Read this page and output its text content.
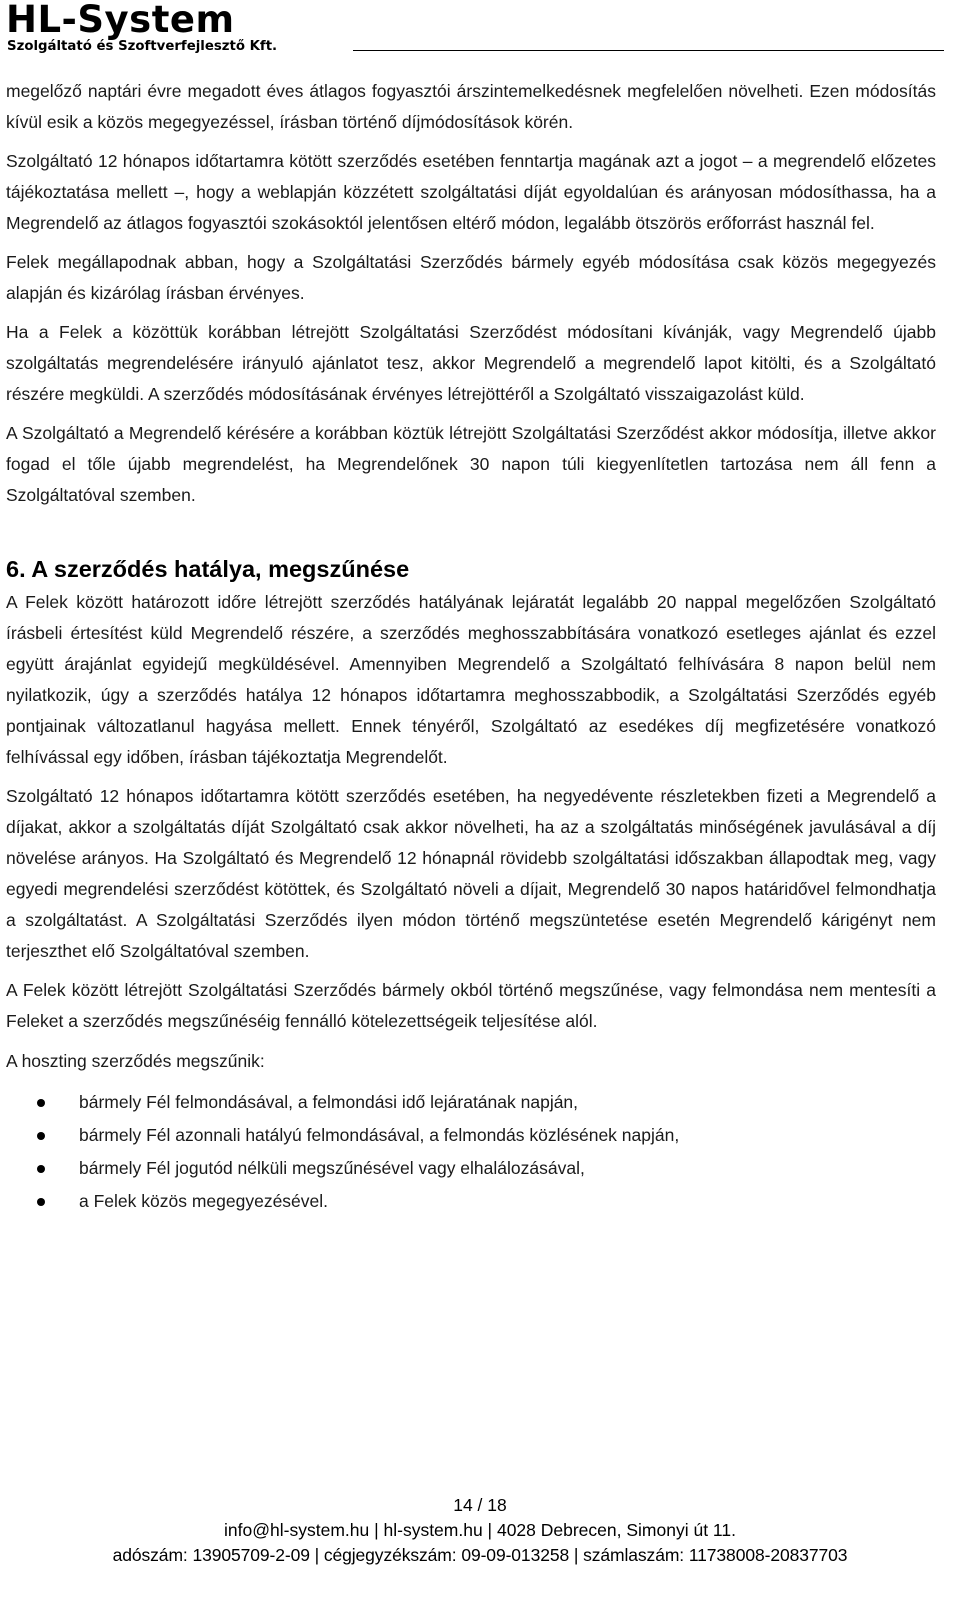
HL-System
Szolgáltató és Szoftverfejlesztő Kft.

megelőző naptári évre megadott éves átlagos fogyasztói árszintemelkedésnek megfelelően növelheti. Ezen módosítás kívül esik a közös megegyezéssel, írásban történő díjmódosítások körén.

Szolgáltató 12 hónapos időtartamra kötött szerződés esetében fenntartja magának azt a jogot – a megrendelő előzetes tájékoztatása mellett –, hogy a weblapján közzétett szolgáltatási díját egyoldalúan és arányosan módosíthassa, ha a Megrendelő az átlagos fogyasztói szokásoktól jelentősen eltérő módon, legalább ötszörös erőforrást használ fel.

Felek megállapodnak abban, hogy a Szolgáltatási Szerződés bármely egyéb módosítása csak közös megegyezés alapján és kizárólag írásban érvényes.

Ha a Felek a közöttük korábban létrejött Szolgáltatási Szerződést módosítani kívánják, vagy Megrendelő újabb szolgáltatás megrendelésére irányuló ajánlatot tesz, akkor Megrendelő a megrendelő lapot kitölti, és a Szolgáltató részére megküldi. A szerződés módosításának érvényes létrejöttéről a Szolgáltató visszaigazolást küld.

A Szolgáltató a Megrendelő kérésére a korábban köztük létrejött Szolgáltatási Szerződést akkor módosítja, illetve akkor fogad el tőle újabb megrendelést, ha Megrendelőnek 30 napon túli kiegyenlítetlen tartozása nem áll fenn a Szolgáltatóval szemben.

6. A szerződés hatálya, megszűnése

A Felek között határozott időre létrejött szerződés hatályának lejáratát legalább 20 nappal megelőzően Szolgáltató írásbeli értesítést küld Megrendelő részére, a szerződés meghosszabbítására vonatkozó esetleges ajánlat és ezzel együtt árajánlat egyidejű megküldésével. Amennyiben Megrendelő a Szolgáltató felhívására 8 napon belül nem nyilatkozik, úgy a szerződés hatálya 12 hónapos időtartamra meghosszabbodik, a Szolgáltatási Szerződés egyéb pontjainak változatlanul hagyása mellett. Ennek tényéről, Szolgáltató az esedékes díj megfizetésére vonatkozó felhívással egy időben, írásban tájékoztatja Megrendelőt.

Szolgáltató 12 hónapos időtartamra kötött szerződés esetében, ha negyedévente részletekben fizeti a Megrendelő a díjakat, akkor a szolgáltatás díját Szolgáltató csak akkor növelheti, ha az a szolgáltatás minőségének javulásával a díj növelése arányos. Ha Szolgáltató és Megrendelő 12 hónapnál rövidebb szolgáltatási időszakban állapodtak meg, vagy egyedi megrendelési szerződést kötöttek, és Szolgáltató növeli a díjait, Megrendelő 30 napos határidővel felmondhatja a szolgáltatást. A Szolgáltatási Szerződés ilyen módon történő megszüntetése esetén Megrendelő kárigényt nem terjeszthet elő Szolgáltatóval szemben.

A Felek között létrejött Szolgáltatási Szerződés bármely okból történő megszűnése, vagy felmondása nem mentesíti a Feleket a szerződés megszűnéséig fennálló kötelezettségeik teljesítése alól.

A hoszting szerződés megszűnik:

bármely Fél felmondásával, a felmondási idő lejáratának napján,
bármely Fél azonnali hatályú felmondásával, a felmondás közlésének napján,
bármely Fél jogutód nélküli megszűnésével vagy elhalálozásával,
a Felek közös megegyezésével.
14 / 18
info@hl-system.hu | hl-system.hu | 4028 Debrecen, Simonyi út 11.
adószám: 13905709-2-09 | cégjegyzékszám: 09-09-013258 | számlaszám: 11738008-20837703
